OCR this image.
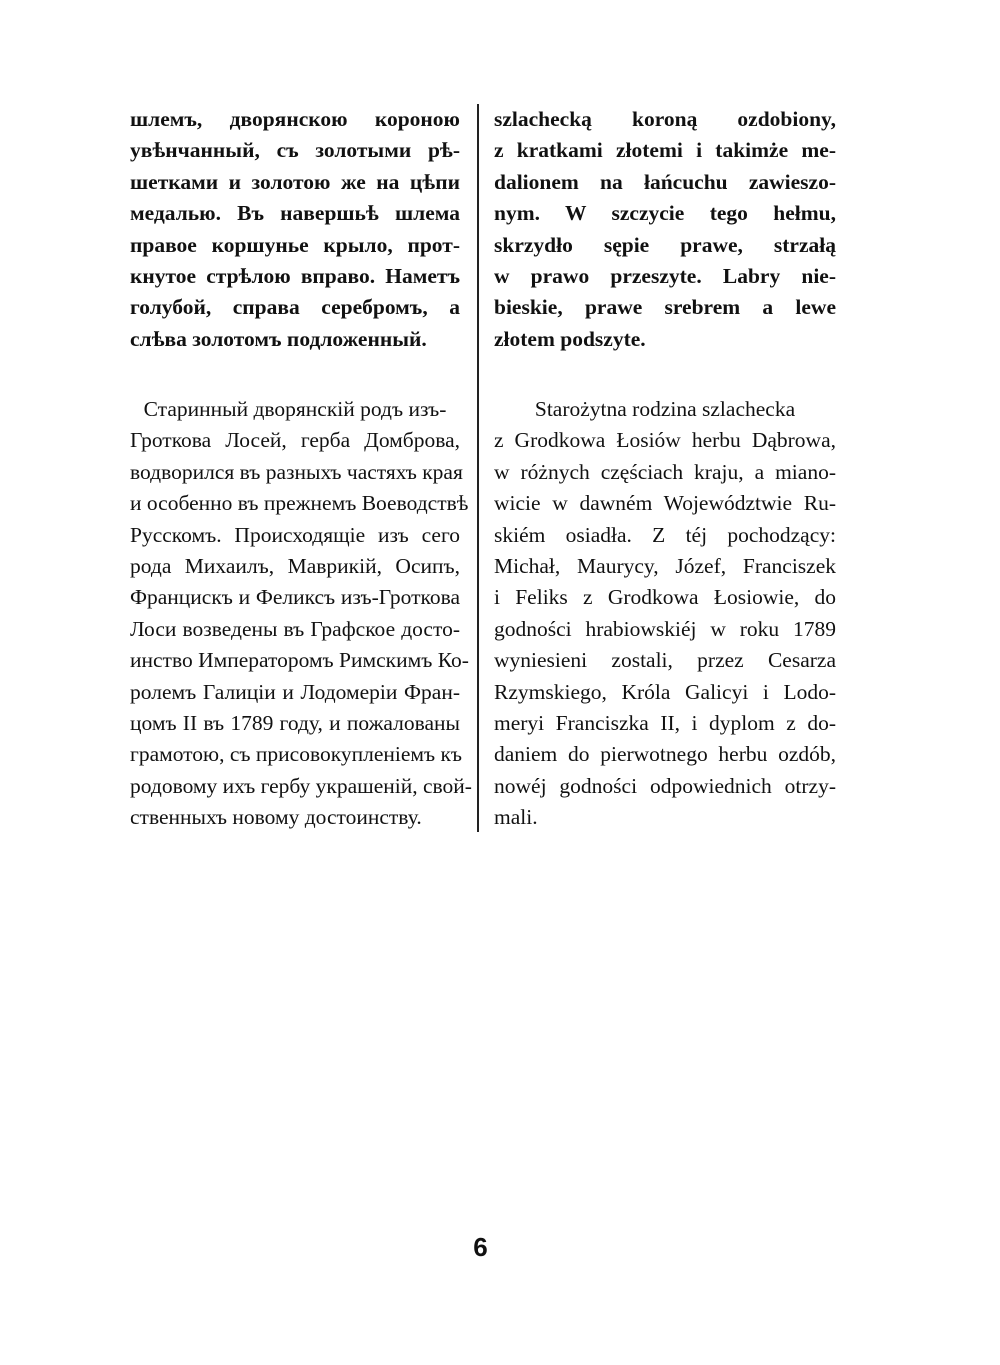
шлемъ, дворянскою короною
увѣнчанный, съ золотыми рѣ-
шетками и золотою же на цѣпи
медалью. Въ навершьѣ шлема
правое коршунье крыло, прот-
кнутое стрѣлою вправо. Наметъ
голубой, справа серебромъ, а
слѣва золотомъ подложенный.
Старинный дворянскій родъ изъ-
Гроткова Лосей, герба Домброва,
водворился въ разныхъ частяхъ края
и особенно въ прежнемъ Воеводствѣ
Русскомъ. Происходящіе изъ сего
рода Михаилъ, Маврикій, Осипъ,
Францискъ и Феликсъ изъ-Гроткова
Лоси возведены въ Графское досто-
инство Императоромъ Римскимъ Ко-
ролемъ Галиціи и Лодомеріи Фран-
цомъ II въ 1789 году, и пожалованы
грамотою, съ присовокупленіемъ къ
родовому ихъ гербу украшеній, свой-
ственныхъ новому достоинству.
szlachecką koroną ozdobiony,
z kratkami złotemi i takimże me-
dalionem na łańcuchu zawieszo-
nym. W szczycie tego hełmu,
skrzydło sępie prawe, strzałą
w prawo przeszyte. Labry nie-
bieskie, prawe srebrem a lewe
złotem podszyte.
Starożytna rodzina szlachecka
z Grodkowa Łosiów herbu Dąbrowa,
w różnych częściach kraju, a miano-
wicie w dawném Województwie Ru-
skiém osiadła. Z téj pochodzący:
Michał, Maurycy, Józef, Franciszek
i Feliks z Grodkowa Łosiowie, do
godności hrabiowskiéj w roku 1789
wyniesieni zostali, przez Cesarza
Rzymskiego, Króla Galicyi i Lodo-
meryi Franciszka II, i dyplom z do-
daniem do pierwotnego herbu ozdób,
nowéj godności odpowiednich otrzy-
mali.
6
